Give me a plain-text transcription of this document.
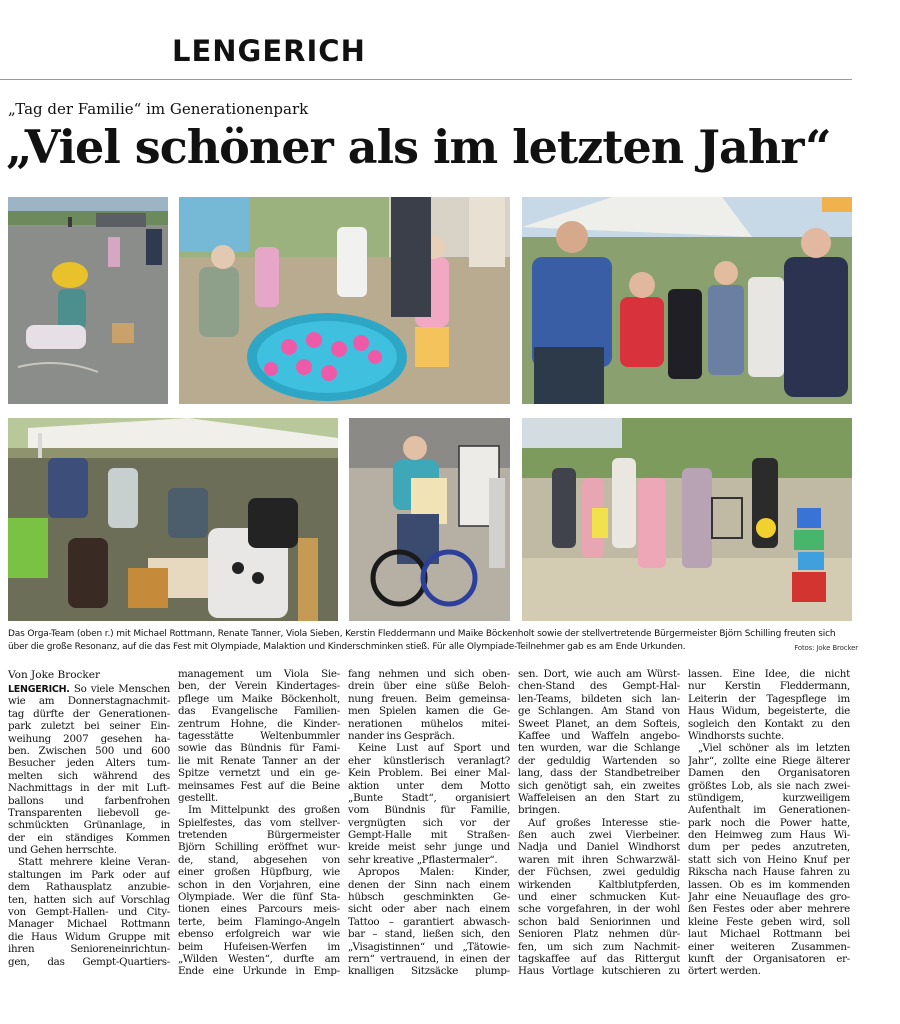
LENGERICH
„Tag der Familie“ im Generationenpark
„Viel schöner als im letzten Jahr“
Das Orga-Team (oben r.) mit Michael Rottmann, Renate Tanner, Viola Sieben, Kerstin Fleddermann und Maike Böckenholt sowie der stellvertretende Bürgermeister Björn Schilling freuten sich über die große Resonanz, auf die das Fest mit Olympiade, Malaktion und Kinderschminken stieß. Für alle Olympiade-Teilnehmer gab es am Ende Urkunden.	Fotos: Joke Brocker
Von Joke Brocker
LENGERICH. So viele Menschen
wie am Donnerstagnachmit-
tag dürfte der Generationen-
park zuletzt bei seiner Ein-
weihung 2007 gesehen ha-
ben. Zwischen 500 und 600
Besucher jeden Alters tum-
melten sich während des
Nachmittags in der mit Luft-
ballons und farbenfrohen
Transparenten liebevoll ge-
schmückten Grünanlage, in
der ein ständiges Kommen
und Gehen herrschte.
Statt mehrere kleine Veran-
staltungen im Park oder auf
dem Rathausplatz anzubie-
ten, hatten sich auf Vorschlag
von Gempt-Hallen- und City-
Manager Michael Rottmann
die Haus Widum Gruppe mit
ihren Senioreneinrichtun-
gen, das Gempt-Quartiers-
management um Viola Sie-
ben, der Verein Kindertages-
pflege um Maike Böckenholt,
das Evangelische Familien-
zentrum Hohne, die Kinder-
tagesstätte Weltenbummler
sowie das Bündnis für Fami-
lie mit Renate Tanner an der
Spitze vernetzt und ein ge-
meinsames Fest auf die Beine
gestellt.
Im Mittelpunkt des großen
Spielfestes, das vom stellver-
tretenden Bürgermeister
Björn Schilling eröffnet wur-
de, stand, abgesehen von
einer großen Hüpfburg, wie
schon in den Vorjahren, eine
Olympiade. Wer die fünf Sta-
tionen eines Parcours meis-
terte, beim Flamingo-Angeln
ebenso erfolgreich war wie
beim Hufeisen-Werfen im
„Wilden Westen“, durfte am
Ende eine Urkunde in Emp-
fang nehmen und sich oben-
drein über eine süße Beloh-
nung freuen. Beim gemeinsa-
men Spielen kamen die Ge-
nerationen mühelos mitei-
nander ins Gespräch.
Keine Lust auf Sport und
eher künstlerisch veranlagt?
Kein Problem. Bei einer Mal-
aktion unter dem Motto
„Bunte Stadt“, organisiert
vom Bündnis für Familie,
vergnügten sich vor der
Gempt-Halle mit Straßen-
kreide meist sehr junge und
sehr kreative „Pflastermaler“.
Apropos Malen: Kinder,
denen der Sinn nach einem
hübsch geschminkten Ge-
sicht oder aber nach einem
Tattoo – garantiert abwasch-
bar – stand, ließen sich, den
„Visagistinnen“ und „Tätowie-
rern“ vertrauend, in einen der
knalligen Sitzsäcke plump-
sen. Dort, wie auch am Würst-
chen-Stand des Gempt-Hal-
len-Teams, bildeten sich lan-
ge Schlangen. Am Stand von
Sweet Planet, an dem Softeis,
Kaffee und Waffeln angebo-
ten wurden, war die Schlange
der geduldig Wartenden so
lang, dass der Standbetreiber
sich genötigt sah, ein zweites
Waffeleisen an den Start zu
bringen.
Auf großes Interesse stie-
ßen auch zwei Vierbeiner.
Nadja und Daniel Windhorst
waren mit ihren Schwarzwäl-
der Füchsen, zwei geduldig
wirkenden Kaltblutpferden,
und einer schmucken Kut-
sche vorgefahren, in der wohl
schon bald Seniorinnen und
Senioren Platz nehmen dür-
fen, um sich zum Nachmit-
tagskaffee auf das Rittergut
Haus Vortlage kutschieren zu
lassen. Eine Idee, die nicht
nur Kerstin Fleddermann,
Leiterin der Tagespflege im
Haus Widum, begeisterte, die
sogleich den Kontakt zu den
Windhorsts suchte.
„Viel schöner als im letzten
Jahr“, zollte eine Riege älterer
Damen den Organisatoren
größtes Lob, als sie nach zwei-
stündigem, kurzweiligem
Aufenthalt im Generationen-
park noch die Power hatte,
den Heimweg zum Haus Wi-
dum per pedes anzutreten,
statt sich von Heino Knuf per
Rikscha nach Hause fahren zu
lassen. Ob es im kommenden
Jahr eine Neuauflage des gro-
ßen Festes oder aber mehrere
kleine Feste geben wird, soll
laut Michael Rottmann bei
einer weiteren Zusammen-
kunft der Organisatoren er-
örtert werden.
